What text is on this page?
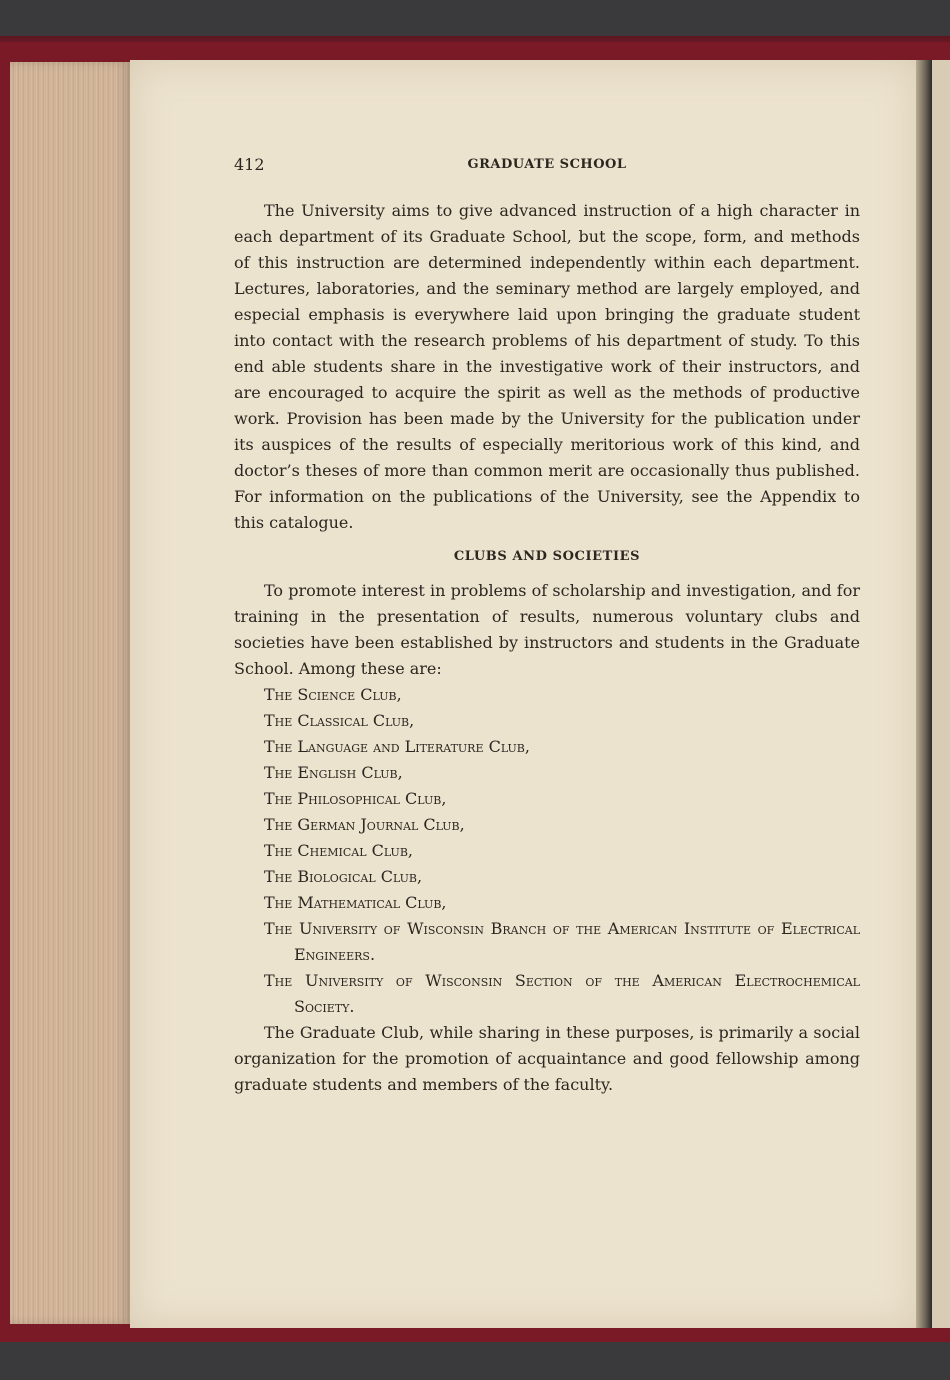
412	GRADUATE SCHOOL

The University aims to give advanced instruction of a high character in each department of its Graduate School, but the scope, form, and methods of this instruction are determined independently within each department. Lectures, laboratories, and the seminary method are largely employed, and especial emphasis is everywhere laid upon bringing the graduate student into contact with the research problems of his department of study. To this end able students share in the investigative work of their instructors, and are encouraged to acquire the spirit as well as the methods of productive work. Provision has been made by the University for the publication under its auspices of the results of especially meritorious work of this kind, and doctor’s theses of more than common merit are occasionally thus published. For information on the publications of the University, see the Appendix to this catalogue.

CLUBS AND SOCIETIES

To promote interest in problems of scholarship and investigation, and for training in the presentation of results, numerous voluntary clubs and societies have been established by instructors and students in the Graduate School. Among these are:

The Science Club,
The Classical Club,
The Language and Literature Club,
The English Club,
The Philosophical Club,
The German Journal Club,
The Chemical Club,
The Biological Club,
The Mathematical Club,
The University of Wisconsin Branch of the American Institute of Electrical Engineers.
The University of Wisconsin Section of the American Electrochemical Society.

The Graduate Club, while sharing in these purposes, is primarily a social organization for the promotion of acquaintance and good fellowship among graduate students and members of the faculty.
